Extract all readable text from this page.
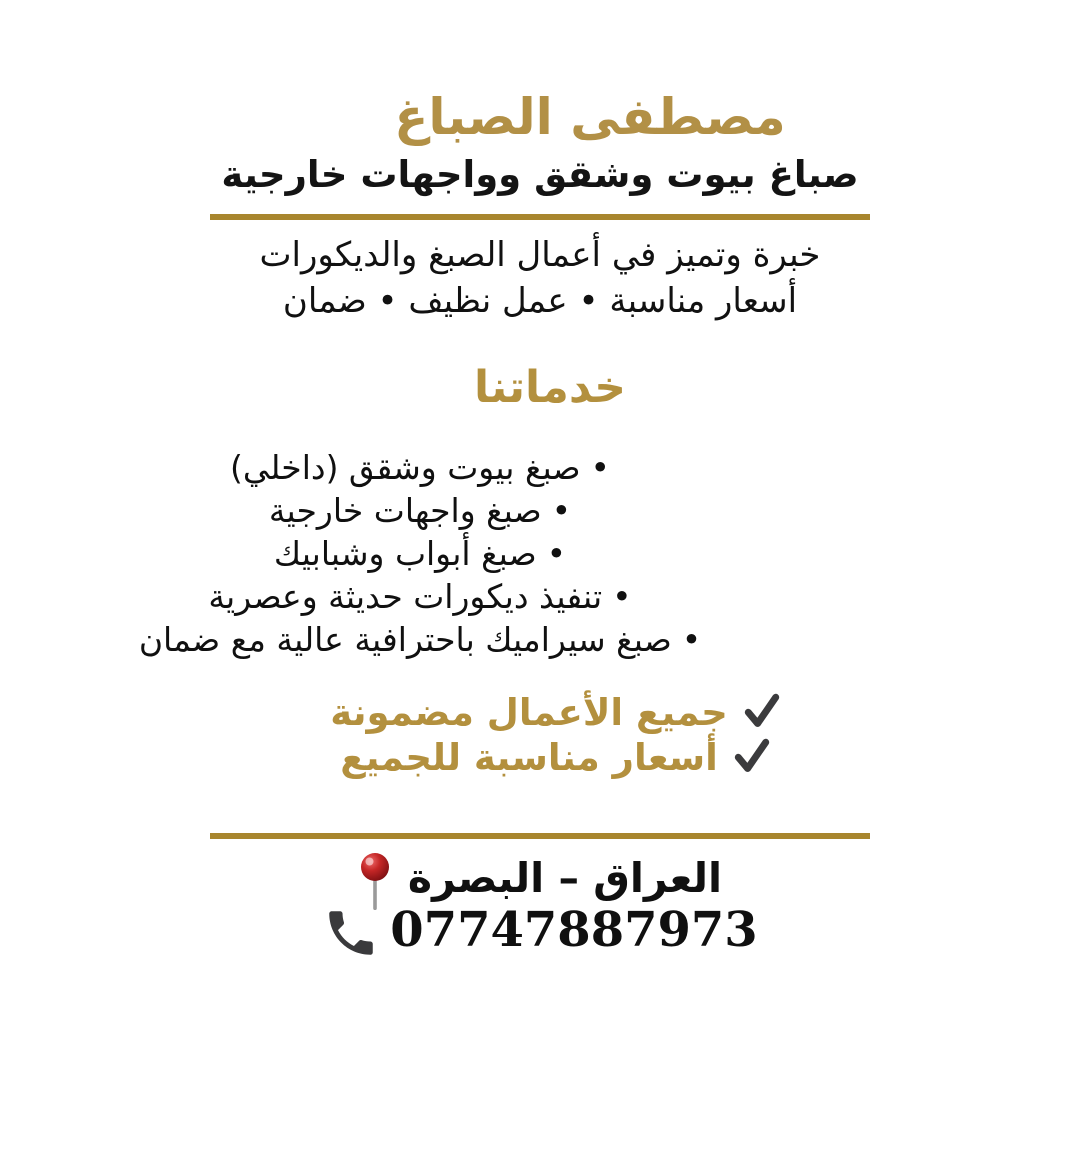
مصطفى الصباغ
صباغ بيوت وشقق وواجهات خارجية
خبرة وتميز في أعمال الصبغ والديكورات
أسعار مناسبة • عمل نظيف • ضمان
خدماتنا
•صبغ بيوت وشقق (داخلي)
•صبغ واجهات خارجية
•صبغ أبواب وشبابيك
•تنفيذ ديكورات حديثة وعصرية
•صبغ سيراميك باحترافية عالية مع ضمان
جميع الأعمال مضمونة
أسعار مناسبة للجميع
العراق – البصرة
07747887973
